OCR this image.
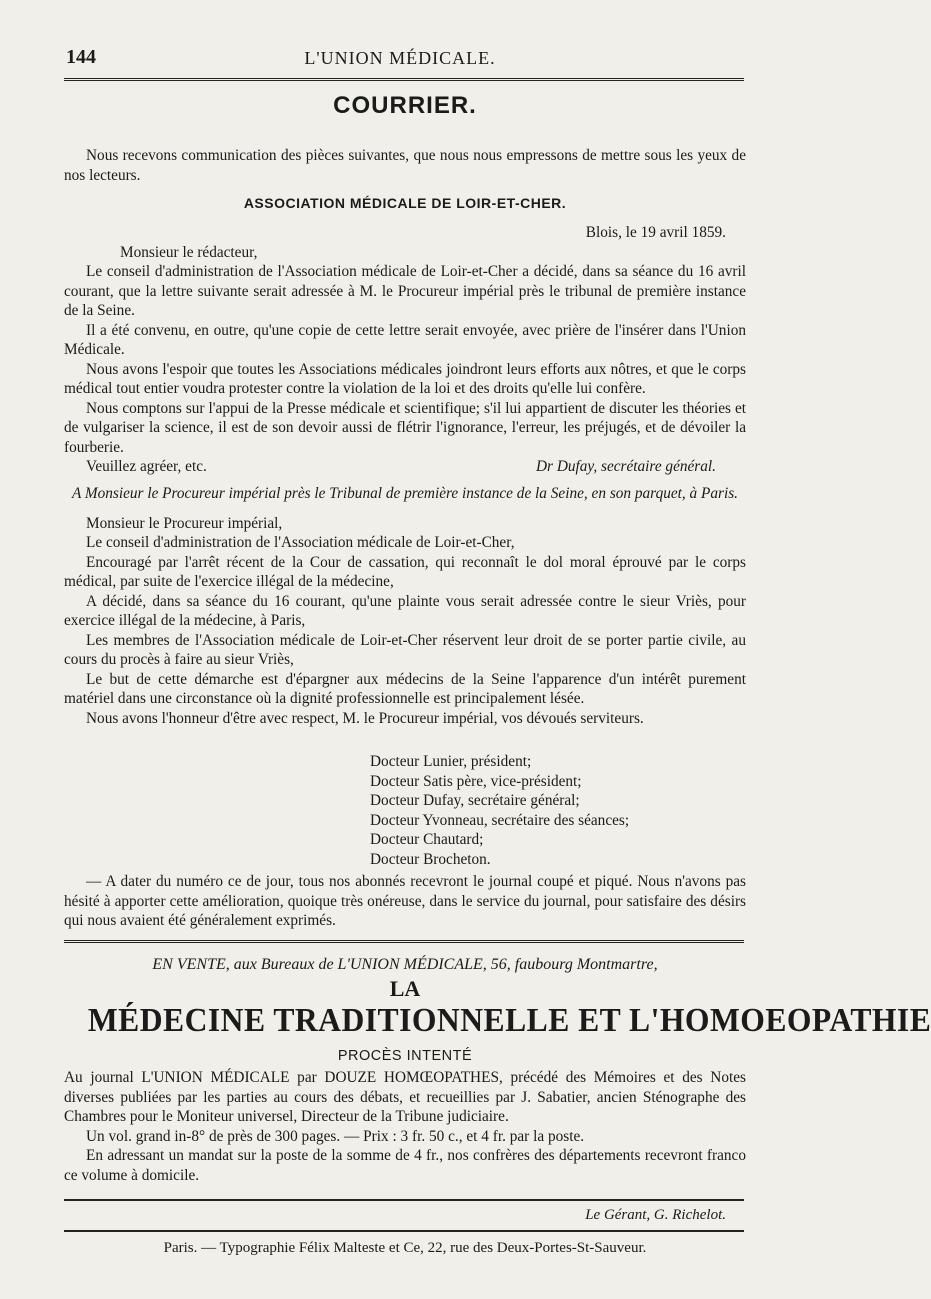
144	L'UNION MÉDICALE.
COURRIER.

Nous recevons communication des pièces suivantes, que nous nous empressons de mettre sous les yeux de nos lecteurs.

ASSOCIATION MÉDICALE DE LOIR-ET-CHER.

Blois, le 19 avril 1859.

Monsieur le rédacteur,

Le conseil d'administration de l'Association médicale de Loir-et-Cher a décidé, dans sa séance du 16 avril courant, que la lettre suivante serait adressée à M. le Procureur impérial près le tribunal de première instance de la Seine.

Il a été convenu, en outre, qu'une copie de cette lettre serait envoyée, avec prière de l'insérer dans l'Union Médicale.

Nous avons l'espoir que toutes les Associations médicales joindront leurs efforts aux nôtres, et que le corps médical tout entier voudra protester contre la violation de la loi et des droits qu'elle lui confère.

Nous comptons sur l'appui de la Presse médicale et scientifique; s'il lui appartient de discuter les théories et de vulgariser la science, il est de son devoir aussi de flétrir l'ignorance, l'erreur, les préjugés, et de dévoiler la fourberie.

Veuillez agréer, etc.	Dr Dufay, secrétaire général.

A Monsieur le Procureur impérial près le Tribunal de première instance de la Seine, en son parquet, à Paris.

Monsieur le Procureur impérial,

Le conseil d'administration de l'Association médicale de Loir-et-Cher,

Encouragé par l'arrêt récent de la Cour de cassation, qui reconnaît le dol moral éprouvé par le corps médical, par suite de l'exercice illégal de la médecine,

A décidé, dans sa séance du 16 courant, qu'une plainte vous serait adressée contre le sieur Vriès, pour exercice illégal de la médecine, à Paris,

Les membres de l'Association médicale de Loir-et-Cher réservent leur droit de se porter partie civile, au cours du procès à faire au sieur Vriès,

Le but de cette démarche est d'épargner aux médecins de la Seine l'apparence d'un intérêt purement matériel dans une circonstance où la dignité professionnelle est principalement lésée.

Nous avons l'honneur d'être avec respect, M. le Procureur impérial, vos dévoués serviteurs.

Docteur Lunier, président;
Docteur Satis père, vice-président;
Docteur Dufay, secrétaire général;
Docteur Yvonneau, secrétaire des séances;
Docteur Chautard;
Docteur Brocheton.

— A dater du numéro ce de jour, tous nos abonnés recevront le journal coupé et piqué. Nous n'avons pas hésité à apporter cette amélioration, quoique très onéreuse, dans le service du journal, pour satisfaire des désirs qui nous avaient été généralement exprimés.

EN VENTE, aux Bureaux de L'UNION MÉDICALE, 56, faubourg Montmartre,
LA
MÉDECINE TRADITIONNELLE ET L'HOMOEOPATHIE
PROCÈS INTENTÉ

Au journal L'UNION MÉDICALE par DOUZE HOMŒOPATHES, précédé des Mémoires et des Notes diverses publiées par les parties au cours des débats, et recueillies par J. Sabatier, ancien Sténographe des Chambres pour le Moniteur universel, Directeur de la Tribune judiciaire.

Un vol. grand in-8° de près de 300 pages. — Prix : 3 fr. 50 c., et 4 fr. par la poste.

En adressant un mandat sur la poste de la somme de 4 fr., nos confrères des départements recevront franco ce volume à domicile.

Le Gérant, G. Richelot.
Paris. — Typographie Félix Malteste et Ce, 22, rue des Deux-Portes-St-Sauveur.
